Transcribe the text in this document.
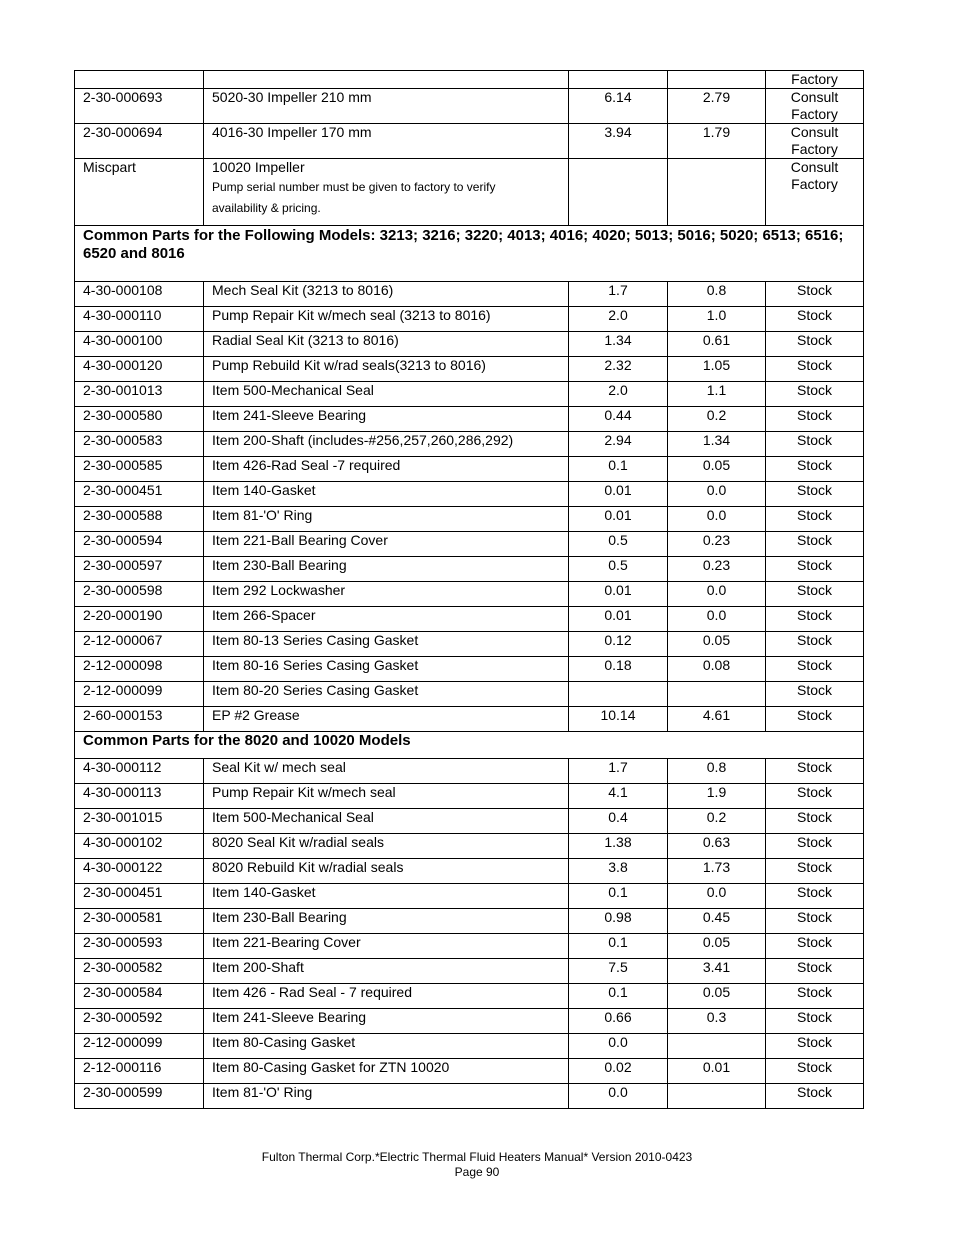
				Factory

2-30-000693	5020-30 Impeller 210 mm	6.14	2.79	Consult Factory

2-30-000694	4016-30 Impeller 170 mm	3.94	1.79	Consult Factory

Miscpart	10020 Impeller
Pump serial number must be given to factory to verify
availability & pricing.			Consult Factory

Common Parts for the Following Models: 3213; 3216; 3220; 4013; 4016; 4020; 5013; 5016; 5020; 6513; 6516; 6520 and 8016				

4-30-000108	Mech Seal Kit (3213 to 8016)	1.7	0.8	Stock

4-30-000110	Pump Repair Kit w/mech seal (3213 to 8016)	2.0	1.0	Stock

4-30-000100	Radial Seal Kit (3213 to 8016)	1.34	0.61	Stock

4-30-000120	Pump Rebuild Kit w/rad seals(3213 to 8016)	2.32	1.05	Stock

2-30-001013	Item 500-Mechanical Seal	2.0	1.1	Stock

2-30-000580	Item 241-Sleeve Bearing	0.44	0.2	Stock

2-30-000583	Item 200-Shaft (includes-#256,257,260,286,292)	2.94	1.34	Stock

2-30-000585	Item 426-Rad Seal -7 required	0.1	0.05	Stock

2-30-000451	Item 140-Gasket	0.01	0.0	Stock

2-30-000588	Item 81-'O' Ring	0.01	0.0	Stock

2-30-000594	Item 221-Ball Bearing Cover	0.5	0.23	Stock

2-30-000597	Item 230-Ball Bearing	0.5	0.23	Stock

2-30-000598	Item 292 Lockwasher	0.01	0.0	Stock

2-20-000190	Item 266-Spacer	0.01	0.0	Stock

2-12-000067	Item 80-13 Series Casing Gasket	0.12	0.05	Stock

2-12-000098	Item 80-16 Series Casing Gasket	0.18	0.08	Stock

2-12-000099	Item 80-20 Series Casing Gasket			Stock

2-60-000153	EP #2 Grease	10.14	4.61	Stock

Common Parts for the 8020 and 10020 Models				

4-30-000112	Seal Kit w/ mech seal	1.7	0.8	Stock

4-30-000113	Pump Repair Kit w/mech seal	4.1	1.9	Stock

2-30-001015	Item 500-Mechanical Seal	0.4	0.2	Stock

4-30-000102	8020 Seal Kit w/radial seals	1.38	0.63	Stock

4-30-000122	8020 Rebuild Kit w/radial seals	3.8	1.73	Stock

2-30-000451	Item 140-Gasket	0.1	0.0	Stock

2-30-000581	Item 230-Ball Bearing	0.98	0.45	Stock

2-30-000593	Item 221-Bearing Cover	0.1	0.05	Stock

2-30-000582	Item 200-Shaft	7.5	3.41	Stock

2-30-000584	Item 426 - Rad Seal - 7 required	0.1	0.05	Stock

2-30-000592	Item 241-Sleeve Bearing	0.66	0.3	Stock

2-12-000099	Item 80-Casing Gasket	0.0		Stock

2-12-000116	Item 80-Casing Gasket for ZTN 10020	0.02	0.01	Stock

2-30-000599	Item 81-'O' Ring	0.0		Stock
Fulton Thermal Corp.*Electric Thermal Fluid Heaters Manual* Version 2010-0423
Page 90
